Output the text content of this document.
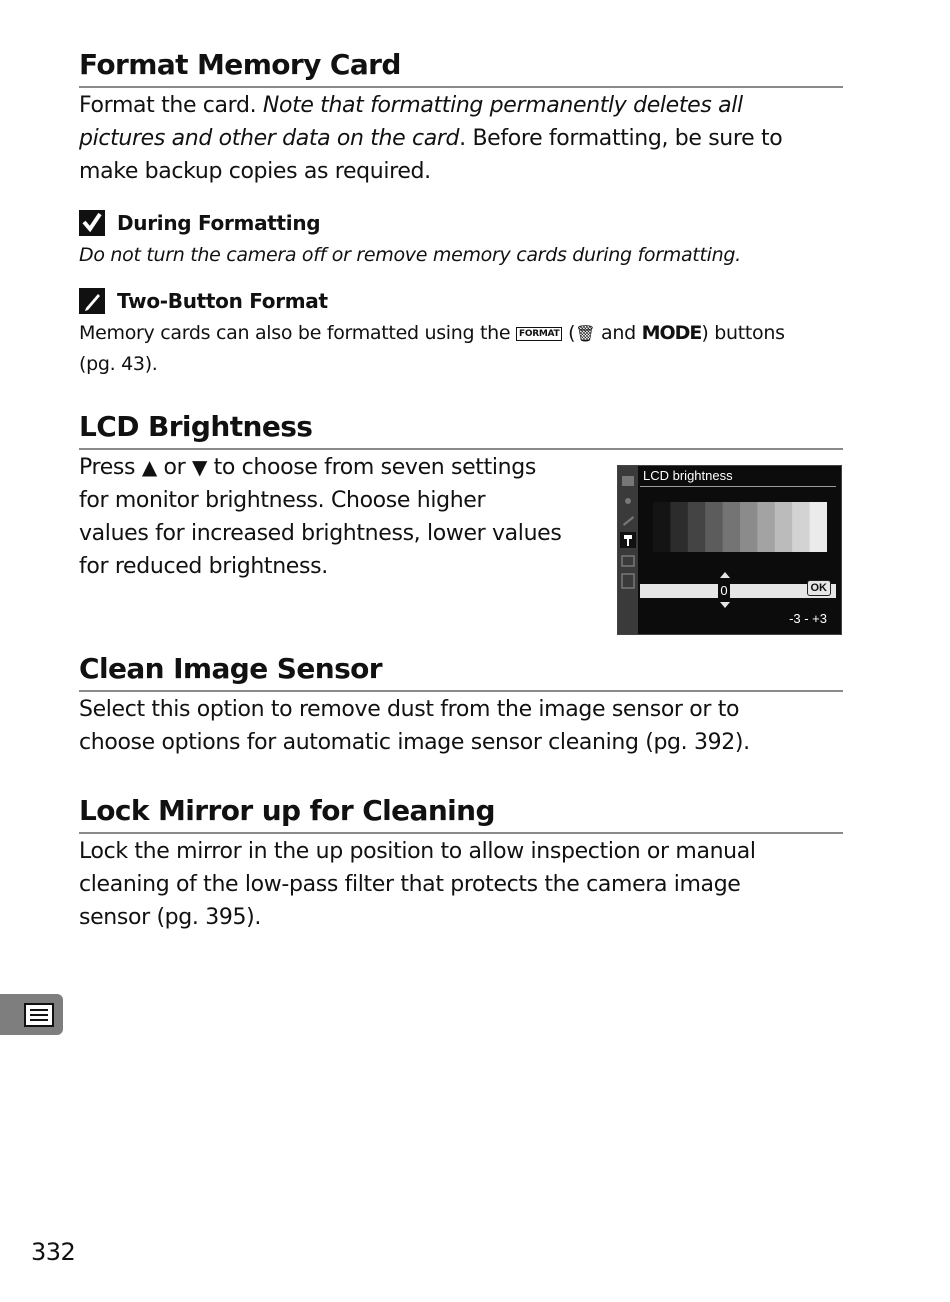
Format Memory Card

Format the card. Note that formatting permanently deletes all
pictures and other data on the card. Before formatting, be sure to
make backup copies as required.

During Formatting

Do not turn the camera off or remove memory cards during formatting.

Two-Button Format

Memory cards can also be formatted using the FORMAT (🗑 and MODE) buttons
(pg. 43).

LCD Brightness

Press ▲ or ▼ to choose from seven settings
for monitor brightness. Choose higher
values for increased brightness, lower values
for reduced brightness.

LCD brightness
0	OK
-3 - +3
Clean Image Sensor

Select this option to remove dust from the image sensor or to
choose options for automatic image sensor cleaning (pg. 392).

Lock Mirror up for Cleaning

Lock the mirror in the up position to allow inspection or manual
cleaning of the low-pass filter that protects the camera image
sensor (pg. 395).

332
